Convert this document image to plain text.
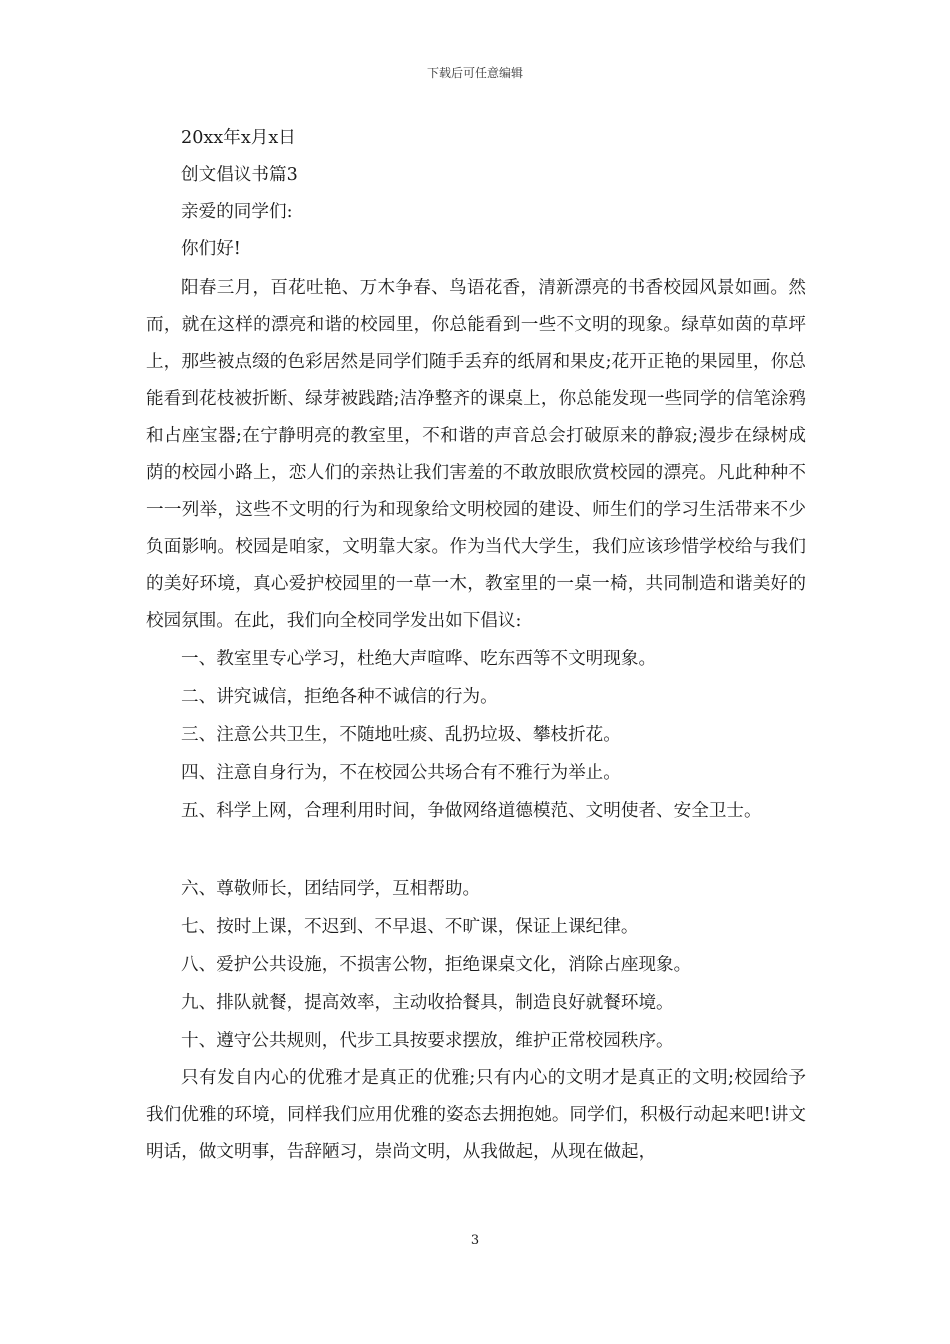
下载后可任意编辑

20xx年x月x日

创文倡议书篇3

亲爱的同学们:

你们好!

阳春三月，百花吐艳、万木争春、鸟语花香，清新漂亮的书香校园风景如画。然而，就在这样的漂亮和谐的校园里，你总能看到一些不文明的现象。绿草如茵的草坪上，那些被点缀的色彩居然是同学们随手丢弃的纸屑和果皮;花开正艳的果园里，你总能看到花枝被折断、绿芽被践踏;洁净整齐的课桌上，你总能发现一些同学的信笔涂鸦和占座宝器;在宁静明亮的教室里，不和谐的声音总会打破原来的静寂;漫步在绿树成荫的校园小路上，恋人们的亲热让我们害羞的不敢放眼欣赏校园的漂亮。凡此种种不一一列举，这些不文明的行为和现象给文明校园的建设、师生们的学习生活带来不少负面影响。校园是咱家，文明靠大家。作为当代大学生，我们应该珍惜学校给与我们的美好环境，真心爱护校园里的一草一木，教室里的一桌一椅，共同制造和谐美好的校园氛围。在此，我们向全校同学发出如下倡议:

一、教室里专心学习，杜绝大声喧哗、吃东西等不文明现象。

二、讲究诚信，拒绝各种不诚信的行为。

三、注意公共卫生，不随地吐痰、乱扔垃圾、攀枝折花。

四、注意自身行为，不在校园公共场合有不雅行为举止。

五、科学上网，合理利用时间，争做网络道德模范、文明使者、安全卫士。

六、尊敬师长，团结同学，互相帮助。

七、按时上课，不迟到、不早退、不旷课，保证上课纪律。

八、爱护公共设施，不损害公物，拒绝课桌文化，消除占座现象。

九、排队就餐，提高效率，主动收拾餐具，制造良好就餐环境。

十、遵守公共规则，代步工具按要求摆放，维护正常校园秩序。

只有发自内心的优雅才是真正的优雅;只有内心的文明才是真正的文明;校园给予我们优雅的环境，同样我们应用优雅的姿态去拥抱她。同学们，积极行动起来吧!讲文明话，做文明事，告辞陋习，崇尚文明，从我做起，从现在做起，

3
